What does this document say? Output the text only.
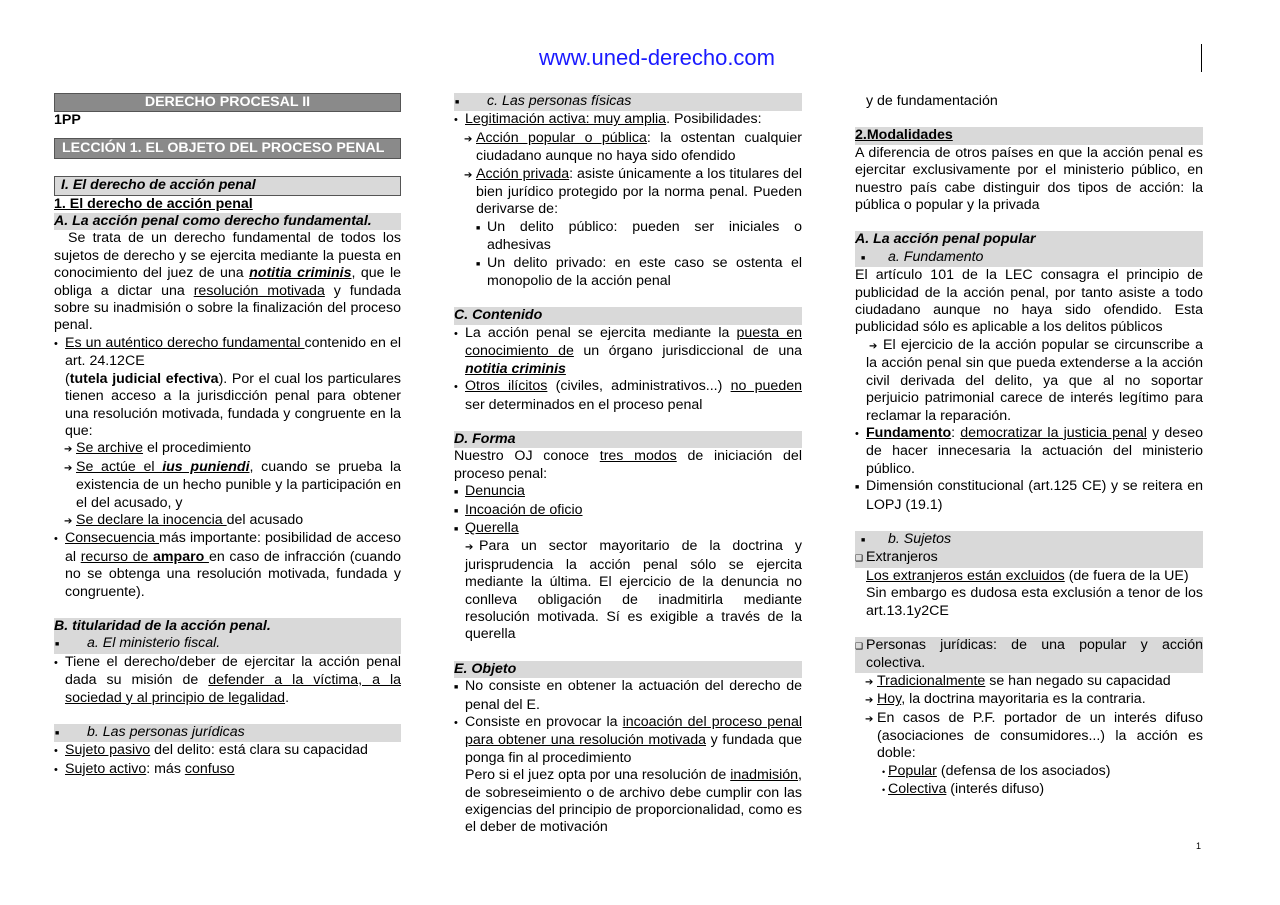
www.uned-derecho.com
DERECHO PROCESAL II

1PP

LECCIÓN 1. EL OBJETO DEL PROCESO PENAL
I. El derecho de acción penal

1. El derecho de acción penal

A. La acción penal como derecho fundamental.

Se trata de un derecho fundamental de todos los sujetos de derecho y se ejercita mediante la puesta en conocimiento del juez de una notitia criminis, que le obliga a dictar una resolución motivada y fundada sobre su inadmisión o sobre la finalización del proceso penal.

• Es un auténtico derecho fundamental contenido en el art. 24.12CE
(tutela judicial efectiva). Por el cual los particulares tienen acceso a la jurisdicción penal para obtener una resolución motivada, fundada y congruente en la que:
➔ Se archive el procedimiento
➔ Se actúe el ius puniendi, cuando se prueba la existencia de un hecho punible y la participación en el del acusado, y
➔ Se declare la inocencia del acusado
• Consecuencia más importante: posibilidad de acceso al recurso de amparo en caso de infracción (cuando no se obtenga una resolución motivada, fundada y congruente).

B. titularidad de la acción penal.

■ a. El ministerio fiscal.
• Tiene el derecho/deber de ejercitar la acción penal dada su misión de defender a la víctima, a la sociedad y al principio de legalidad.
■ b. Las personas jurídicas
• Sujeto pasivo del delito: está clara su capacidad
• Sujeto activo: más confuso
■ c. Las personas físicas
• Legitimación activa: muy amplia. Posibilidades:
➔ Acción popular o pública: la ostentan cualquier ciudadano aunque no haya sido ofendido
➔ Acción privada: asiste únicamente a los titulares del bien jurídico protegido por la norma penal. Pueden derivarse de:
■ Un delito público: pueden ser iniciales o adhesivas
■ Un delito privado: en este caso se ostenta el monopolio de la acción penal

C. Contenido

• La acción penal se ejercita mediante la puesta en conocimiento de un órgano jurisdiccional de una notitia criminis
• Otros ilícitos (civiles, administrativos...) no pueden ser determinados en el proceso penal

D. Forma

Nuestro OJ conoce tres modos de iniciación del proceso penal:

■ Denuncia
■ Incoación de oficio
■ Querella
➔ Para un sector mayoritario de la doctrina y jurisprudencia la acción penal sólo se ejercita mediante la última. El ejercicio de la denuncia no conlleva obligación de inadmitirla mediante resolución motivada. Sí es exigible a través de la querella

E. Objeto

■ No consiste en obtener la actuación del derecho de penal del E.
• Consiste en provocar la incoación del proceso penal para obtener una resolución motivada y fundada que ponga fin al procedimiento

Pero si el juez opta por una resolución de inadmisión, de sobreseimiento o de archivo debe cumplir con las exigencias del principio de proporcionalidad, como es el deber de motivación

y de fundamentación

2.Modalidades

A diferencia de otros países en que la acción penal es ejercitar exclusivamente por el ministerio público, en nuestro país cabe distinguir dos tipos de acción: la pública o popular y la privada

A. La acción penal popular

■ a. Fundamento

El artículo 101 de la LEC consagra el principio de publicidad de la acción penal, por tanto asiste a todo ciudadano aunque no haya sido ofendido. Esta publicidad sólo es aplicable a los delitos públicos

➔ El ejercicio de la acción popular se circunscribe a la acción penal sin que pueda extenderse a la acción civil derivada del delito, ya que al no soportar perjuicio patrimonial carece de interés legítimo para reclamar la reparación.
• Fundamento: democratizar la justicia penal y deseo de hacer innecesaria la actuación del ministerio público.
■ Dimensión constitucional (art.125 CE) y se reitera en LOPJ (19.1)
■ b. Sujetos
❑ Extranjeros

Los extranjeros están excluidos (de fuera de la UE)

Sin embargo es dudosa esta exclusión a tenor de los art.13.1y2CE

❑ Personas jurídicas: de una popular y acción colectiva.
➔ Tradicionalmente se han negado su capacidad
➔ Hoy, la doctrina mayoritaria es la contraria.
➔ En casos de P.F. portador de un interés difuso (asociaciones de consumidores...) la acción es doble:
• Popular (defensa de los asociados)
• Colectiva (interés difuso)
1
